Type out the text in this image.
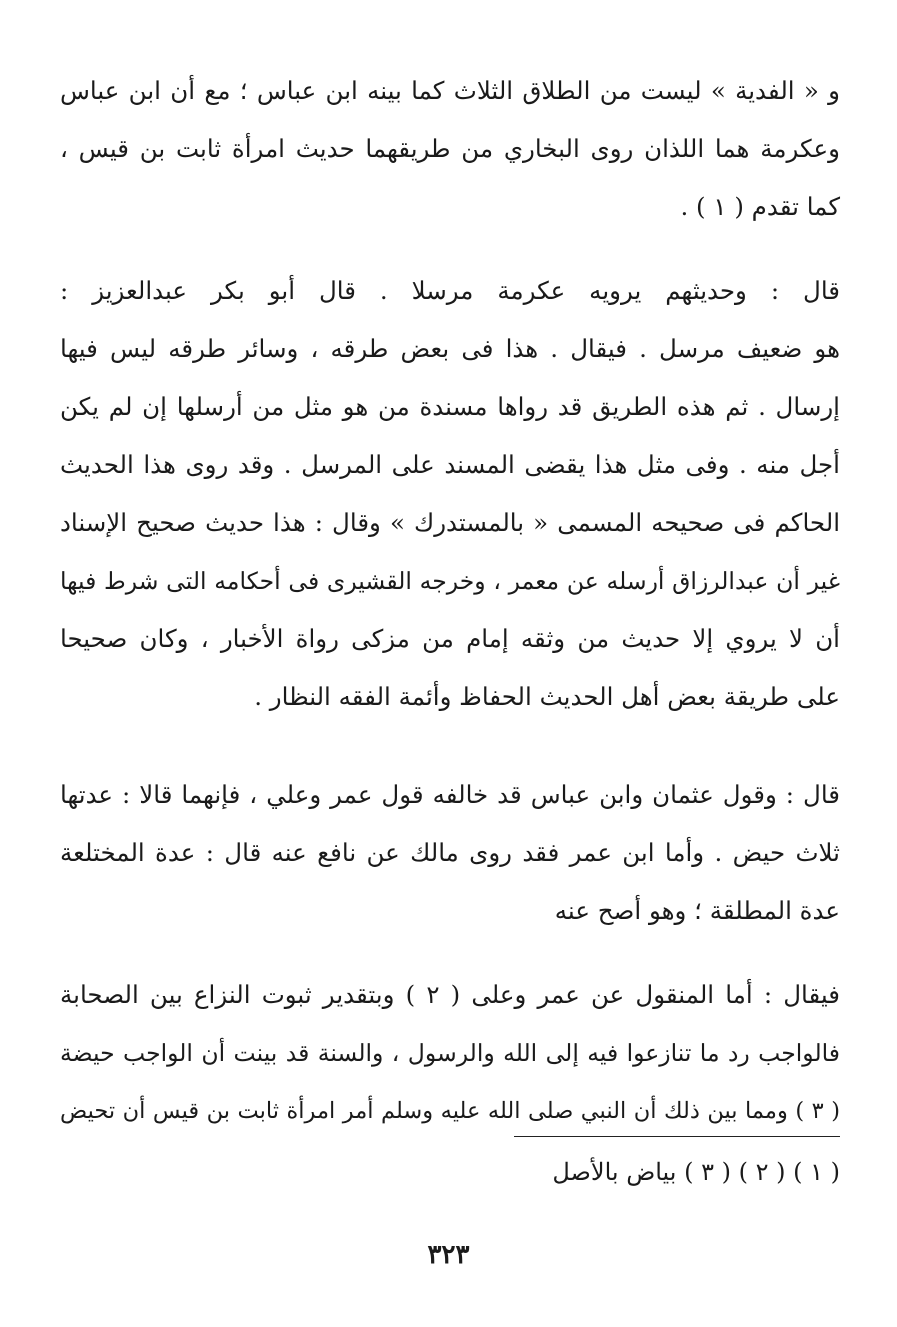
و « الفدية » ليست من الطلاق الثلاث كما بينه ابن عباس ؛ مع أن ابن عباس
وعكرمة هما اللذان روى البخاري من طريقهما حديث امرأة ثابت بن قيس ،
كما تقدم ( ١ ) .

قال : وحديثهم يرويه عكرمة مرسلا . قال أبو بكر عبدالعزيز :
هو ضعيف مرسل . فيقال . هذا فى بعض طرقه ، وسائر طرقه ليس فيها
إرسال . ثم هذه الطريق قد رواها مسندة من هو مثل من أرسلها إن لم يكن
أجل منه . وفى مثل هذا يقضى المسند على المرسل . وقد روى هذا الحديث
الحاكم فى صحيحه المسمى « بالمستدرك » وقال : هذا حديث صحيح الإسناد
غير أن عبدالرزاق أرسله عن معمر ، وخرجه القشيرى فى أحكامه التى شرط فيها
أن لا يروي إلا حديث من وثقه إمام من مزكى رواة الأخبار ، وكان صحيحا
على طريقة بعض أهل الحديث الحفاظ وأئمة الفقه النظار .

قال : وقول عثمان وابن عباس قد خالفه قول عمر وعلي ، فإنهما قالا : عدتها
ثلاث حيض . وأما ابن عمر فقد روى مالك عن نافع عنه قال : عدة المختلعة
عدة المطلقة ؛ وهو أصح عنه

فيقال : أما المنقول عن عمر وعلى ( ٢ ) وبتقدير ثبوت النزاع بين الصحابة
فالواجب رد ما تنازعوا فيه إلى الله والرسول ، والسنة قد بينت أن الواجب حيضة
( ٣ ) ومما بين ذلك أن النبي صلى الله عليه وسلم أمر امرأة ثابت بن قيس أن تحيض

( ١ ) ( ٢ ) ( ٣ ) بياض بالأصل

٣٢٣
